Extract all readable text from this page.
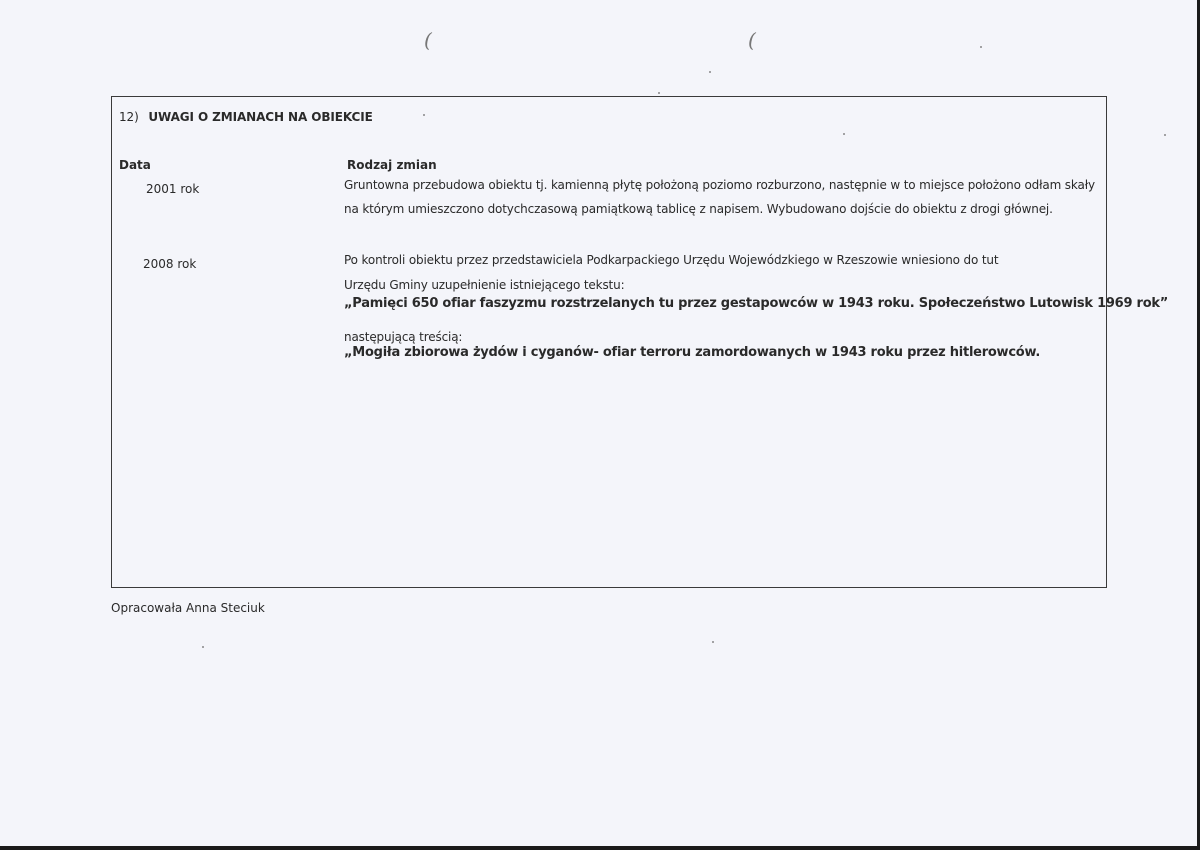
(	(
12) UWAGI O ZMIANACH NA OBIEKCIE
Data	Rodzaj zmian
2001 rok	Gruntowna przebudowa obiektu tj. kamienną płytę położoną poziomo rozburzono, następnie w to miejsce położono odłam skały
na którym umieszczono dotychczasową pamiątkową tablicę z napisem. Wybudowano dojście do obiektu z drogi głównej.
2008 rok	Po kontroli obiektu przez przedstawiciela Podkarpackiego Urzędu Wojewódzkiego w Rzeszowie wniesiono do tut
Urzędu Gminy uzupełnienie istniejącego tekstu:
„Pamięci 650 ofiar faszyzmu rozstrzelanych tu przez gestapowców w 1943 roku. Społeczeństwo Lutowisk 1969 rok”
następującą treścią:
„Mogiła zbiorowa żydów i cyganów- ofiar terroru zamordowanych w 1943 roku przez hitlerowców.
Opracowała Anna Steciuk
